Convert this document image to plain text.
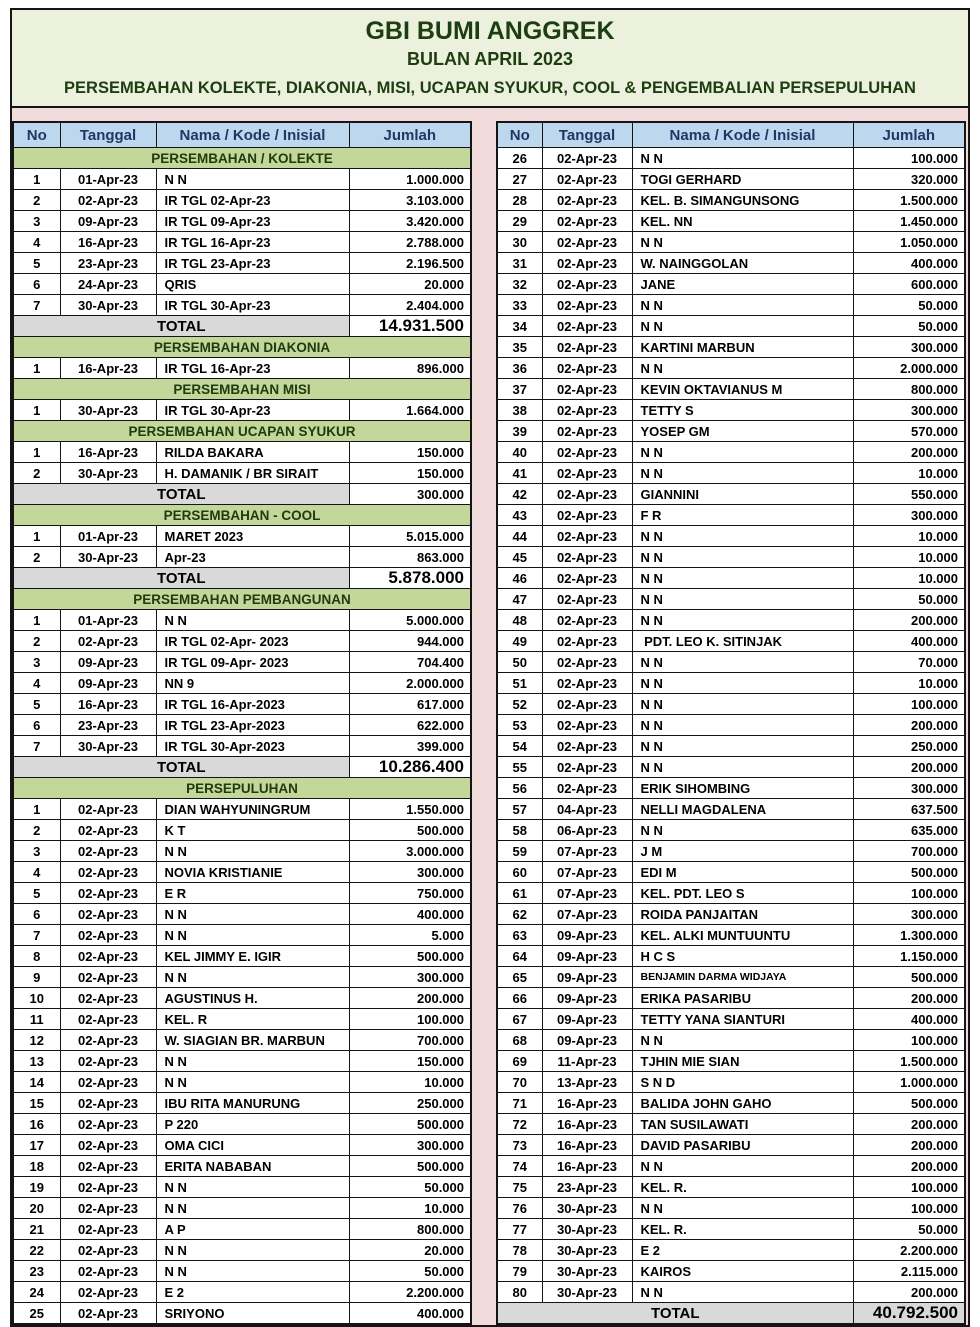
GBI BUMI ANGGREK
BULAN APRIL 2023
PERSEMBAHAN KOLEKTE, DIAKONIA, MISI, UCAPAN SYUKUR, COOL & PENGEMBALIAN PERSEPULUHAN
No	Tanggal	Nama / Kode / Inisial	Jumlah
PERSEMBAHAN / KOLEKTE			
1	01-Apr-23	N N	1.000.000
2	02-Apr-23	IR TGL 02-Apr-23	3.103.000
3	09-Apr-23	IR TGL 09-Apr-23	3.420.000
4	16-Apr-23	IR TGL 16-Apr-23	2.788.000
5	23-Apr-23	IR TGL 23-Apr-23	2.196.500
6	24-Apr-23	QRIS	20.000
7	30-Apr-23	IR TGL 30-Apr-23	2.404.000
TOTAL			14.931.500
PERSEMBAHAN DIAKONIA			
1	16-Apr-23	IR TGL 16-Apr-23	896.000
PERSEMBAHAN MISI			
1	30-Apr-23	IR TGL 30-Apr-23	1.664.000
PERSEMBAHAN UCAPAN SYUKUR			
1	16-Apr-23	RILDA BAKARA	150.000
2	30-Apr-23	H. DAMANIK / BR SIRAIT	150.000
TOTAL			300.000
PERSEMBAHAN - COOL			
1	01-Apr-23	MARET 2023	5.015.000
2	30-Apr-23	Apr-23	863.000
TOTAL			5.878.000
PERSEMBAHAN PEMBANGUNAN			
1	01-Apr-23	N N	5.000.000
2	02-Apr-23	IR TGL 02-Apr- 2023	944.000
3	09-Apr-23	IR TGL 09-Apr- 2023	704.400
4	09-Apr-23	NN 9	2.000.000
5	16-Apr-23	IR TGL 16-Apr-2023	617.000
6	23-Apr-23	IR TGL 23-Apr-2023	622.000
7	30-Apr-23	IR TGL 30-Apr-2023	399.000
TOTAL			10.286.400
PERSEPULUHAN			
1	02-Apr-23	DIAN WAHYUNINGRUM	1.550.000
2	02-Apr-23	K T	500.000
3	02-Apr-23	N N	3.000.000
4	02-Apr-23	NOVIA KRISTIANIE	300.000
5	02-Apr-23	E R	750.000
6	02-Apr-23	N N	400.000
7	02-Apr-23	N N	5.000
8	02-Apr-23	KEL JIMMY E. IGIR	500.000
9	02-Apr-23	N N	300.000
10	02-Apr-23	AGUSTINUS H.	200.000
11	02-Apr-23	KEL. R	100.000
12	02-Apr-23	W. SIAGIAN BR. MARBUN	700.000
13	02-Apr-23	N N	150.000
14	02-Apr-23	N N	10.000
15	02-Apr-23	IBU RITA MANURUNG	250.000
16	02-Apr-23	P 220	500.000
17	02-Apr-23	OMA CICI	300.000
18	02-Apr-23	ERITA NABABAN	500.000
19	02-Apr-23	N N	50.000
20	02-Apr-23	N N	10.000
21	02-Apr-23	A P	800.000
22	02-Apr-23	N N	20.000
23	02-Apr-23	N N	50.000
24	02-Apr-23	E 2	2.200.000
25	02-Apr-23	SRIYONO	400.000
No	Tanggal	Nama / Kode / Inisial	Jumlah
26	02-Apr-23	N N	100.000
27	02-Apr-23	TOGI GERHARD	320.000
28	02-Apr-23	KEL. B. SIMANGUNSONG	1.500.000
29	02-Apr-23	KEL. NN	1.450.000
30	02-Apr-23	N N	1.050.000
31	02-Apr-23	W. NAINGGOLAN	400.000
32	02-Apr-23	JANE	600.000
33	02-Apr-23	N N	50.000
34	02-Apr-23	N N	50.000
35	02-Apr-23	KARTINI MARBUN	300.000
36	02-Apr-23	N N	2.000.000
37	02-Apr-23	KEVIN OKTAVIANUS M	800.000
38	02-Apr-23	TETTY S	300.000
39	02-Apr-23	YOSEP GM	570.000
40	02-Apr-23	N N	200.000
41	02-Apr-23	N N	10.000
42	02-Apr-23	GIANNINI	550.000
43	02-Apr-23	F R	300.000
44	02-Apr-23	N N	10.000
45	02-Apr-23	N N	10.000
46	02-Apr-23	N N	10.000
47	02-Apr-23	N N	50.000
48	02-Apr-23	N N	200.000
49	02-Apr-23	PDT. LEO K. SITINJAK	400.000
50	02-Apr-23	N N	70.000
51	02-Apr-23	N N	10.000
52	02-Apr-23	N N	100.000
53	02-Apr-23	N N	200.000
54	02-Apr-23	N N	250.000
55	02-Apr-23	N N	200.000
56	02-Apr-23	ERIK SIHOMBING	300.000
57	04-Apr-23	NELLI MAGDALENA	637.500
58	06-Apr-23	N N	635.000
59	07-Apr-23	J M	700.000
60	07-Apr-23	EDI M	500.000
61	07-Apr-23	KEL. PDT. LEO S	100.000
62	07-Apr-23	ROIDA PANJAITAN	300.000
63	09-Apr-23	KEL. ALKI MUNTUUNTU	1.300.000
64	09-Apr-23	H C S	1.150.000
65	09-Apr-23	BENJAMIN DARMA WIDJAYA	500.000
66	09-Apr-23	ERIKA PASARIBU	200.000
67	09-Apr-23	TETTY YANA SIANTURI	400.000
68	09-Apr-23	N N	100.000
69	11-Apr-23	TJHIN MIE SIAN	1.500.000
70	13-Apr-23	S N D	1.000.000
71	16-Apr-23	BALIDA JOHN GAHO	500.000
72	16-Apr-23	TAN SUSILAWATI	200.000
73	16-Apr-23	DAVID PASARIBU	200.000
74	16-Apr-23	N N	200.000
75	23-Apr-23	KEL. R.	100.000
76	30-Apr-23	N N	100.000
77	30-Apr-23	KEL. R.	50.000
78	30-Apr-23	E 2	2.200.000
79	30-Apr-23	KAIROS	2.115.000
80	30-Apr-23	N N	200.000
TOTAL			40.792.500
